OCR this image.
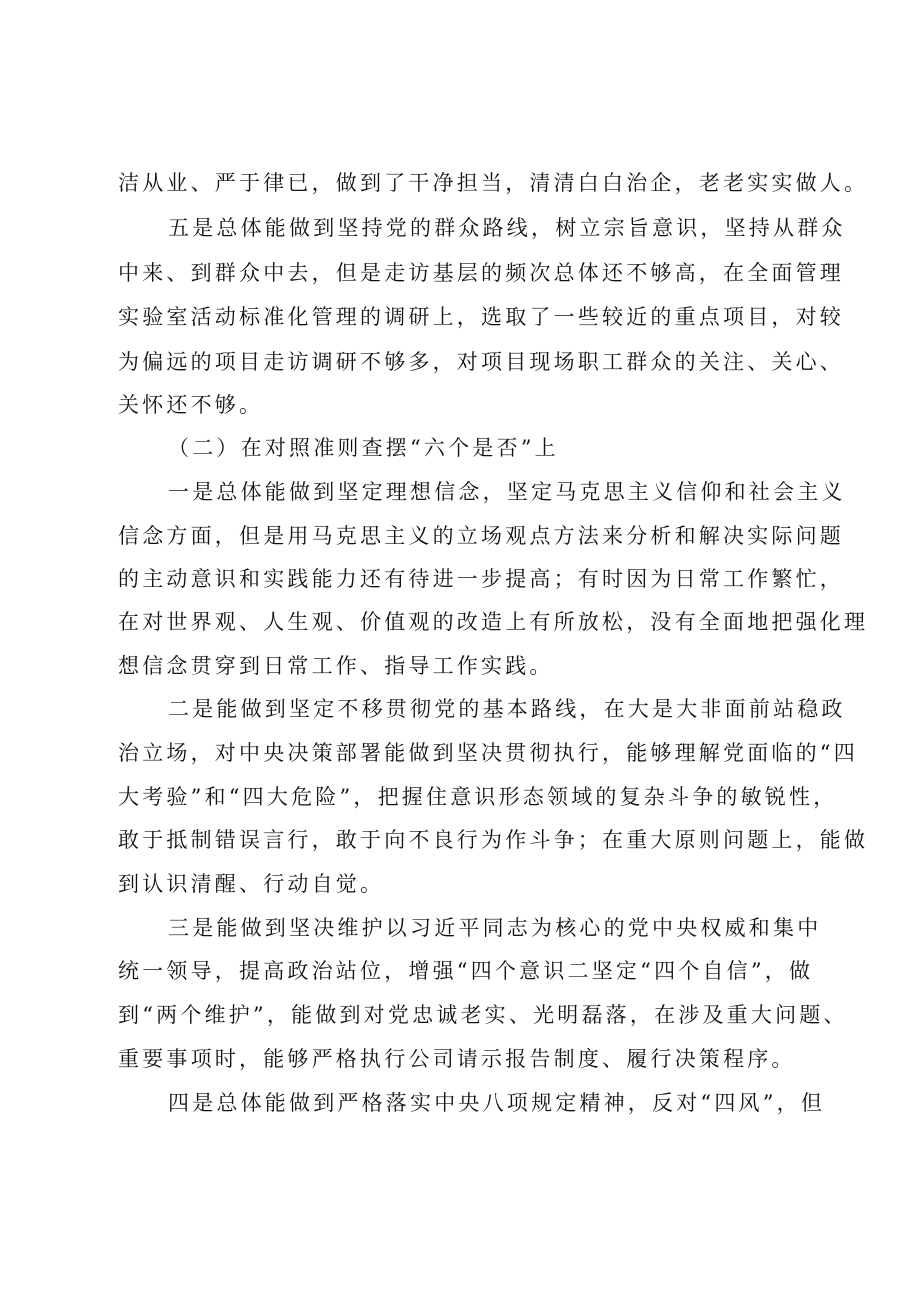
洁从业、严于律已，做到了干净担当，清清白白治企，老老实实做人。
五是总体能做到坚持党的群众路线，树立宗旨意识，坚持从群众
中来、到群众中去，但是走访基层的频次总体还不够高，在全面管理
实验室活动标准化管理的调研上，选取了一些较近的重点项目，对较
为偏远的项目走访调研不够多，对项目现场职工群众的关注、关心、
关怀还不够。
（二）在对照准则查摆“六个是否”上
一是总体能做到坚定理想信念，坚定马克思主义信仰和社会主义
信念方面，但是用马克思主义的立场观点方法来分析和解决实际问题
的主动意识和实践能力还有待进一步提高；有时因为日常工作繁忙，
在对世界观、人生观、价值观的改造上有所放松，没有全面地把强化理
想信念贯穿到日常工作、指导工作实践。
二是能做到坚定不移贯彻党的基本路线，在大是大非面前站稳政
治立场，对中央决策部署能做到坚决贯彻执行，能够理解党面临的“四
大考验”和“四大危险”，把握住意识形态领域的复杂斗争的敏锐性，
敢于抵制错误言行，敢于向不良行为作斗争；在重大原则问题上，能做
到认识清醒、行动自觉。
三是能做到坚决维护以习近平同志为核心的党中央权威和集中
统一领导，提高政治站位，增强“四个意识二坚定“四个自信”，做
到“两个维护”，能做到对党忠诚老实、光明磊落，在涉及重大问题、
重要事项时，能够严格执行公司请示报告制度、履行决策程序。
四是总体能做到严格落实中央八项规定精神，反对“四风”，但
